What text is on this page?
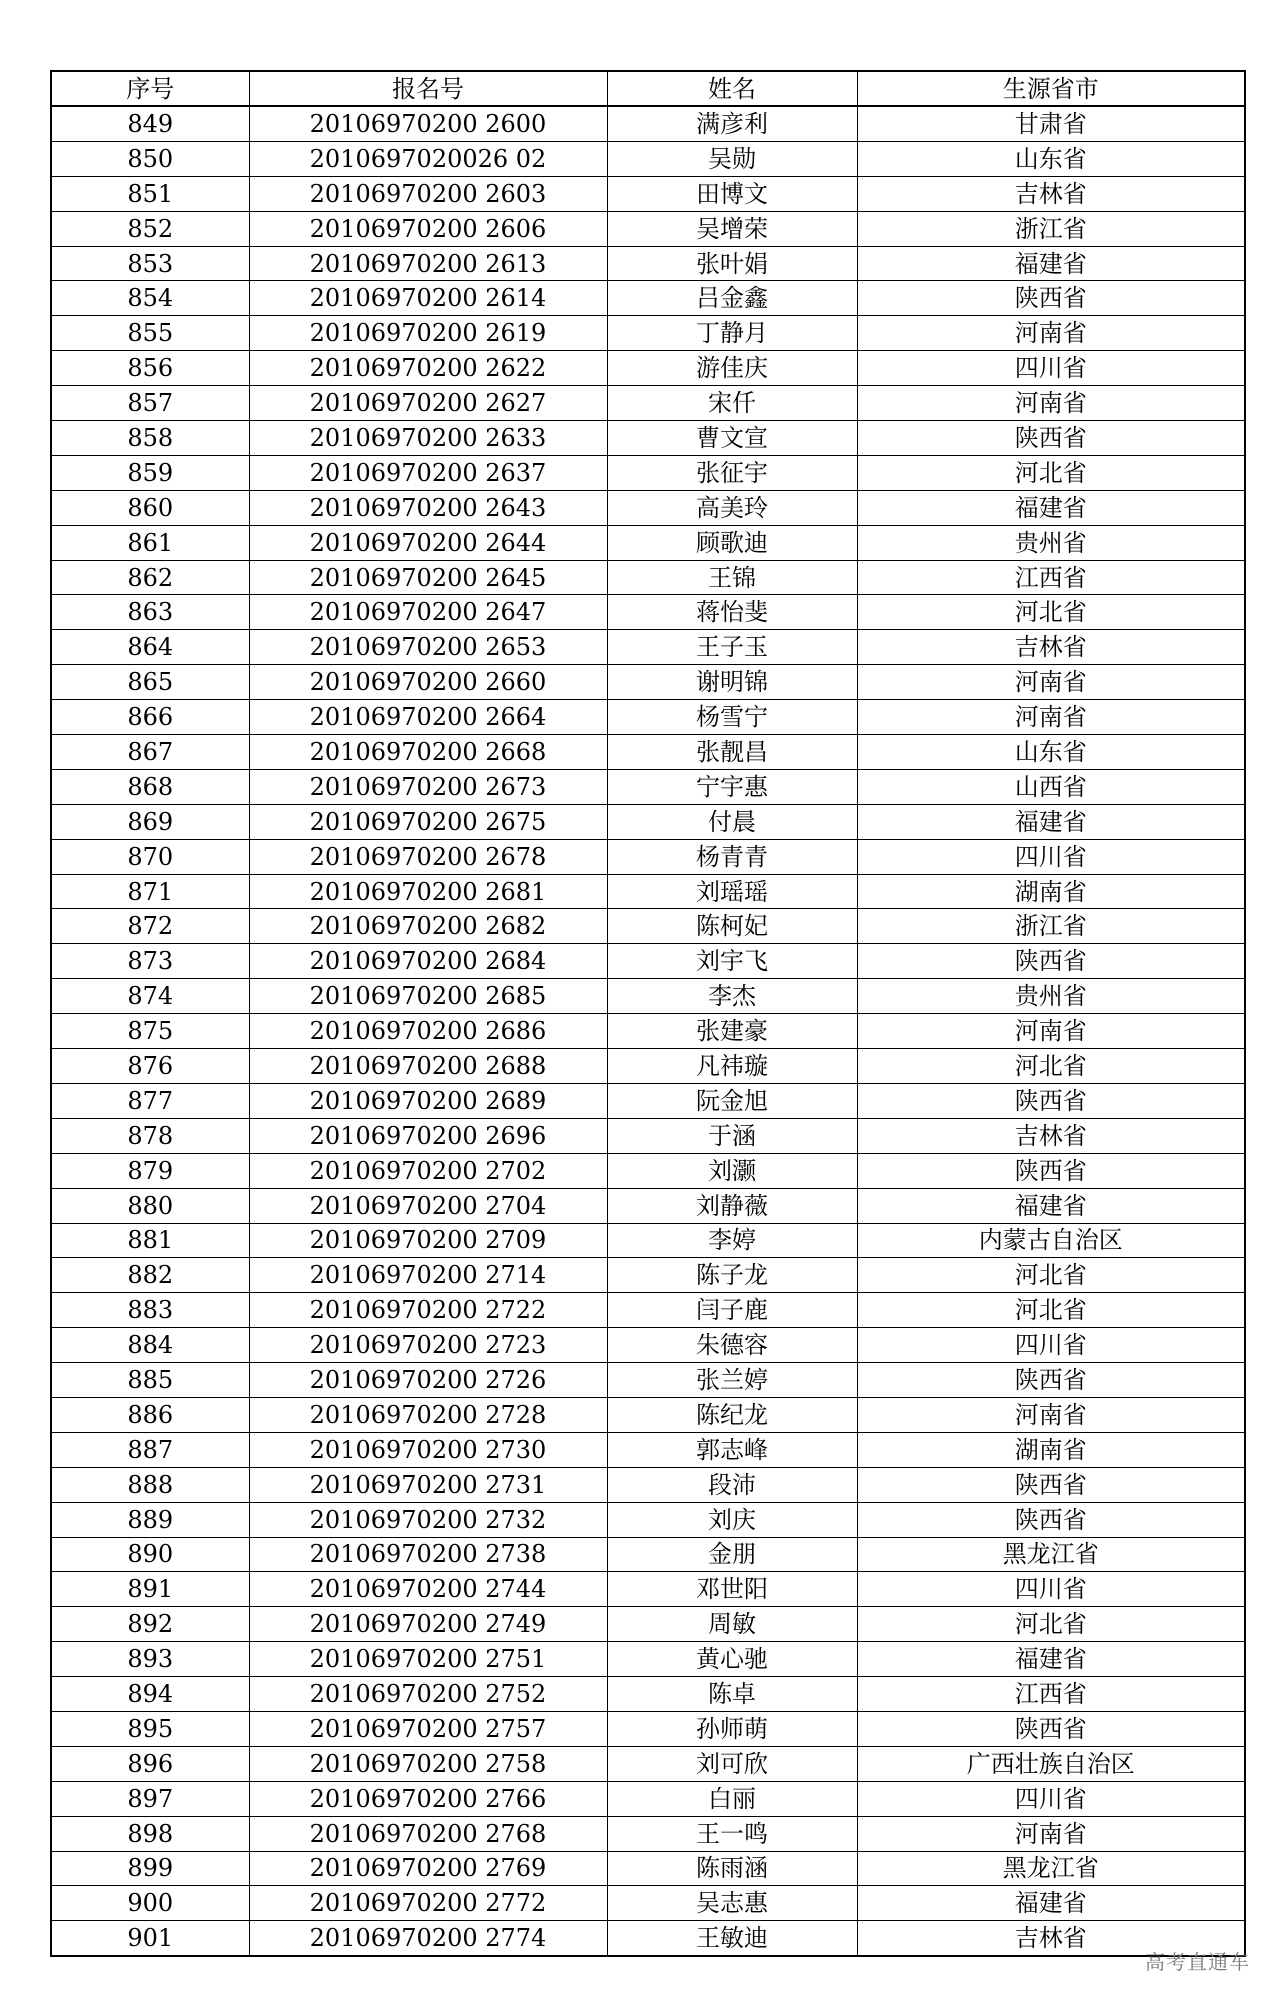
序号	报名号	姓名	生源省市
849	20106970200 2600	满彦利	甘肃省
850	2010697020026 02	吴勋	山东省
851	20106970200 2603	田博文	吉林省
852	20106970200 2606	吴增荣	浙江省
853	20106970200 2613	张叶娟	福建省
854	20106970200 2614	吕金鑫	陕西省
855	20106970200 2619	丁静月	河南省
856	20106970200 2622	游佳庆	四川省
857	20106970200 2627	宋仟	河南省
858	20106970200 2633	曹文宣	陕西省
859	20106970200 2637	张征宇	河北省
860	20106970200 2643	高美玲	福建省
861	20106970200 2644	顾歌迪	贵州省
862	20106970200 2645	王锦	江西省
863	20106970200 2647	蒋怡斐	河北省
864	20106970200 2653	王子玉	吉林省
865	20106970200 2660	谢明锦	河南省
866	20106970200 2664	杨雪宁	河南省
867	20106970200 2668	张靓昌	山东省
868	20106970200 2673	宁宇惠	山西省
869	20106970200 2675	付晨	福建省
870	20106970200 2678	杨青青	四川省
871	20106970200 2681	刘瑶瑶	湖南省
872	20106970200 2682	陈柯妃	浙江省
873	20106970200 2684	刘宇飞	陕西省
874	20106970200 2685	李杰	贵州省
875	20106970200 2686	张建豪	河南省
876	20106970200 2688	凡祎璇	河北省
877	20106970200 2689	阮金旭	陕西省
878	20106970200 2696	于涵	吉林省
879	20106970200 2702	刘灏	陕西省
880	20106970200 2704	刘静薇	福建省
881	20106970200 2709	李婷	内蒙古自治区
882	20106970200 2714	陈子龙	河北省
883	20106970200 2722	闫子鹿	河北省
884	20106970200 2723	朱德容	四川省
885	20106970200 2726	张兰婷	陕西省
886	20106970200 2728	陈纪龙	河南省
887	20106970200 2730	郭志峰	湖南省
888	20106970200 2731	段沛	陕西省
889	20106970200 2732	刘庆	陕西省
890	20106970200 2738	金朋	黑龙江省
891	20106970200 2744	邓世阳	四川省
892	20106970200 2749	周敏	河北省
893	20106970200 2751	黄心驰	福建省
894	20106970200 2752	陈卓	江西省
895	20106970200 2757	孙师萌	陕西省
896	20106970200 2758	刘可欣	广西壮族自治区
897	20106970200 2766	白丽	四川省
898	20106970200 2768	王一鸣	河南省
899	20106970200 2769	陈雨涵	黑龙江省
900	20106970200 2772	吴志惠	福建省
901	20106970200 2774	王敏迪	吉林省
高考直通车
